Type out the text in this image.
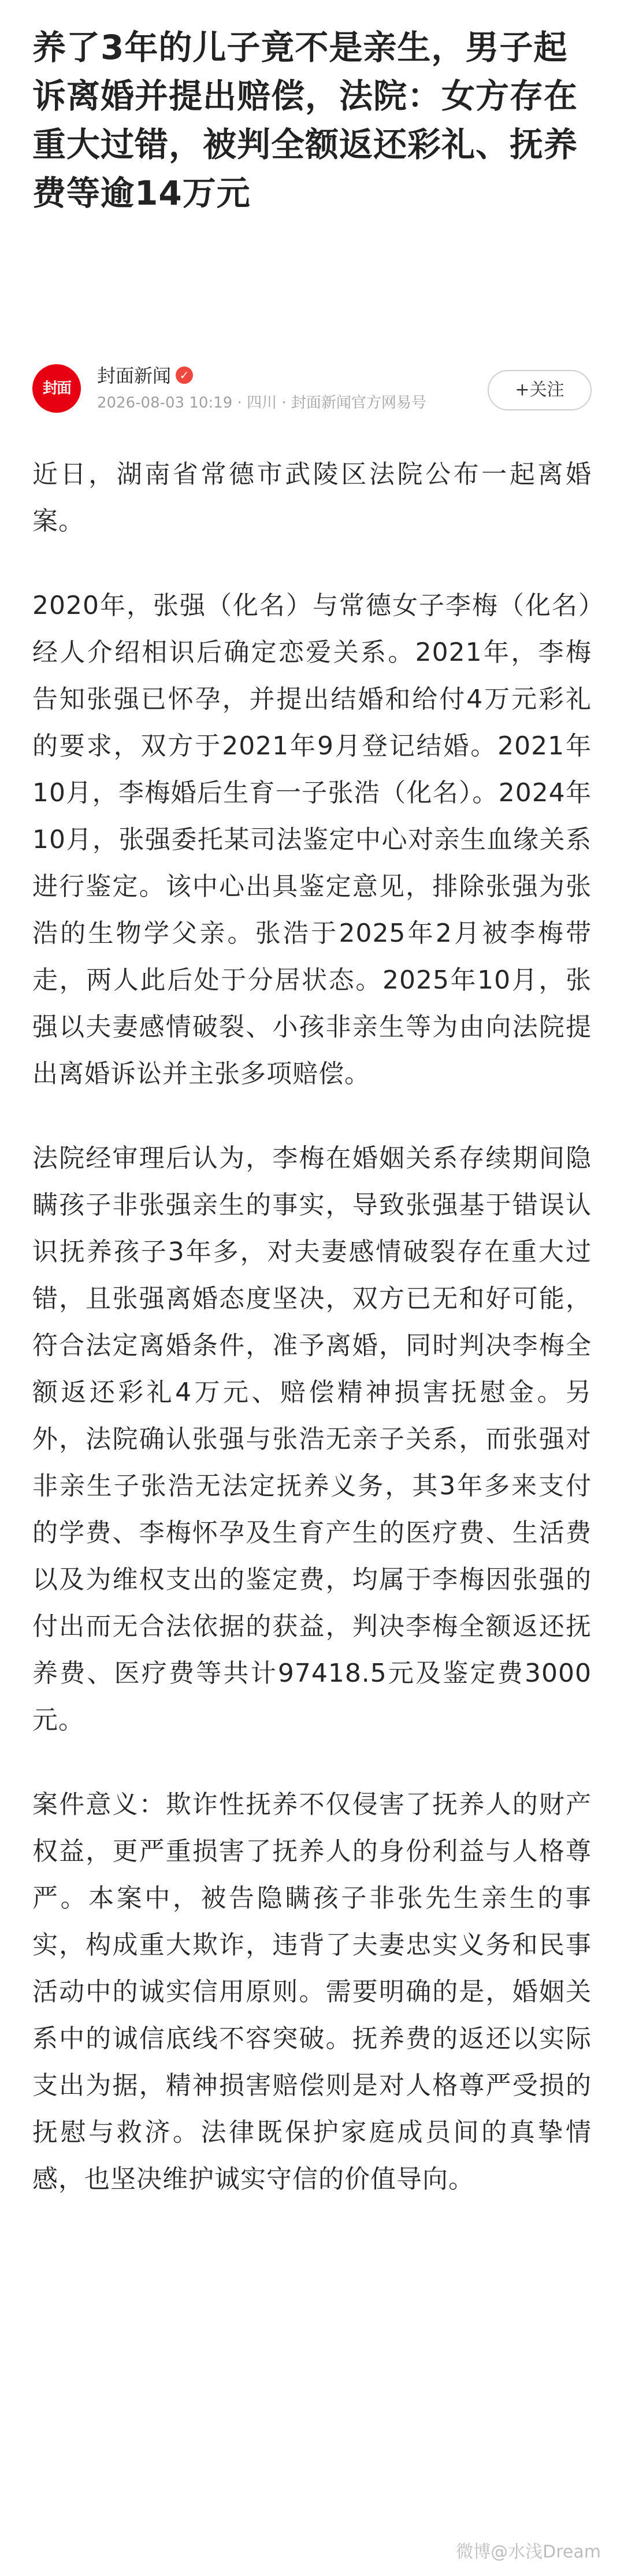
养了3年的儿子竟不是亲生，男子起诉离婚并提出赔偿，法院：女方存在重大过错，被判全额返还彩礼、抚养费等逾14万元
封面
封面新闻 ✓
2026-08-03 10:19 · 四川 · 封面新闻官方网易号
+关注

近日，湖南省常德市武陵区法院公布一起离婚案。

2020年，张强（化名）与常德女子李梅（化名）经人介绍相识后确定恋爱关系。2021年，李梅告知张强已怀孕，并提出结婚和给付4万元彩礼的要求，双方于2021年9月登记结婚。2021年10月，李梅婚后生育一子张浩（化名）。2024年10月，张强委托某司法鉴定中心对亲生血缘关系进行鉴定。该中心出具鉴定意见，排除张强为张浩的生物学父亲。张浩于2025年2月被李梅带走，两人此后处于分居状态。2025年10月，张强以夫妻感情破裂、小孩非亲生等为由向法院提出离婚诉讼并主张多项赔偿。

法院经审理后认为，李梅在婚姻关系存续期间隐瞒孩子非张强亲生的事实，导致张强基于错误认识抚养孩子3年多，对夫妻感情破裂存在重大过错，且张强离婚态度坚决，双方已无和好可能，符合法定离婚条件，准予离婚，同时判决李梅全额返还彩礼4万元、赔偿精神损害抚慰金。另外，法院确认张强与张浩无亲子关系，而张强对非亲生子张浩无法定抚养义务，其3年多来支付的学费、李梅怀孕及生育产生的医疗费、生活费以及为维权支出的鉴定费，均属于李梅因张强的付出而无合法依据的获益，判决李梅全额返还抚养费、医疗费等共计97418.5元及鉴定费3000元。

案件意义：欺诈性抚养不仅侵害了抚养人的财产权益，更严重损害了抚养人的身份利益与人格尊严。本案中，被告隐瞒孩子非张先生亲生的事实，构成重大欺诈，违背了夫妻忠实义务和民事活动中的诚实信用原则。需要明确的是，婚姻关系中的诚信底线不容突破。抚养费的返还以实际支出为据，精神损害赔偿则是对人格尊严受损的抚慰与救济。法律既保护家庭成员间的真挚情感，也坚决维护诚实守信的价值导向。

微博@水浅Dream
